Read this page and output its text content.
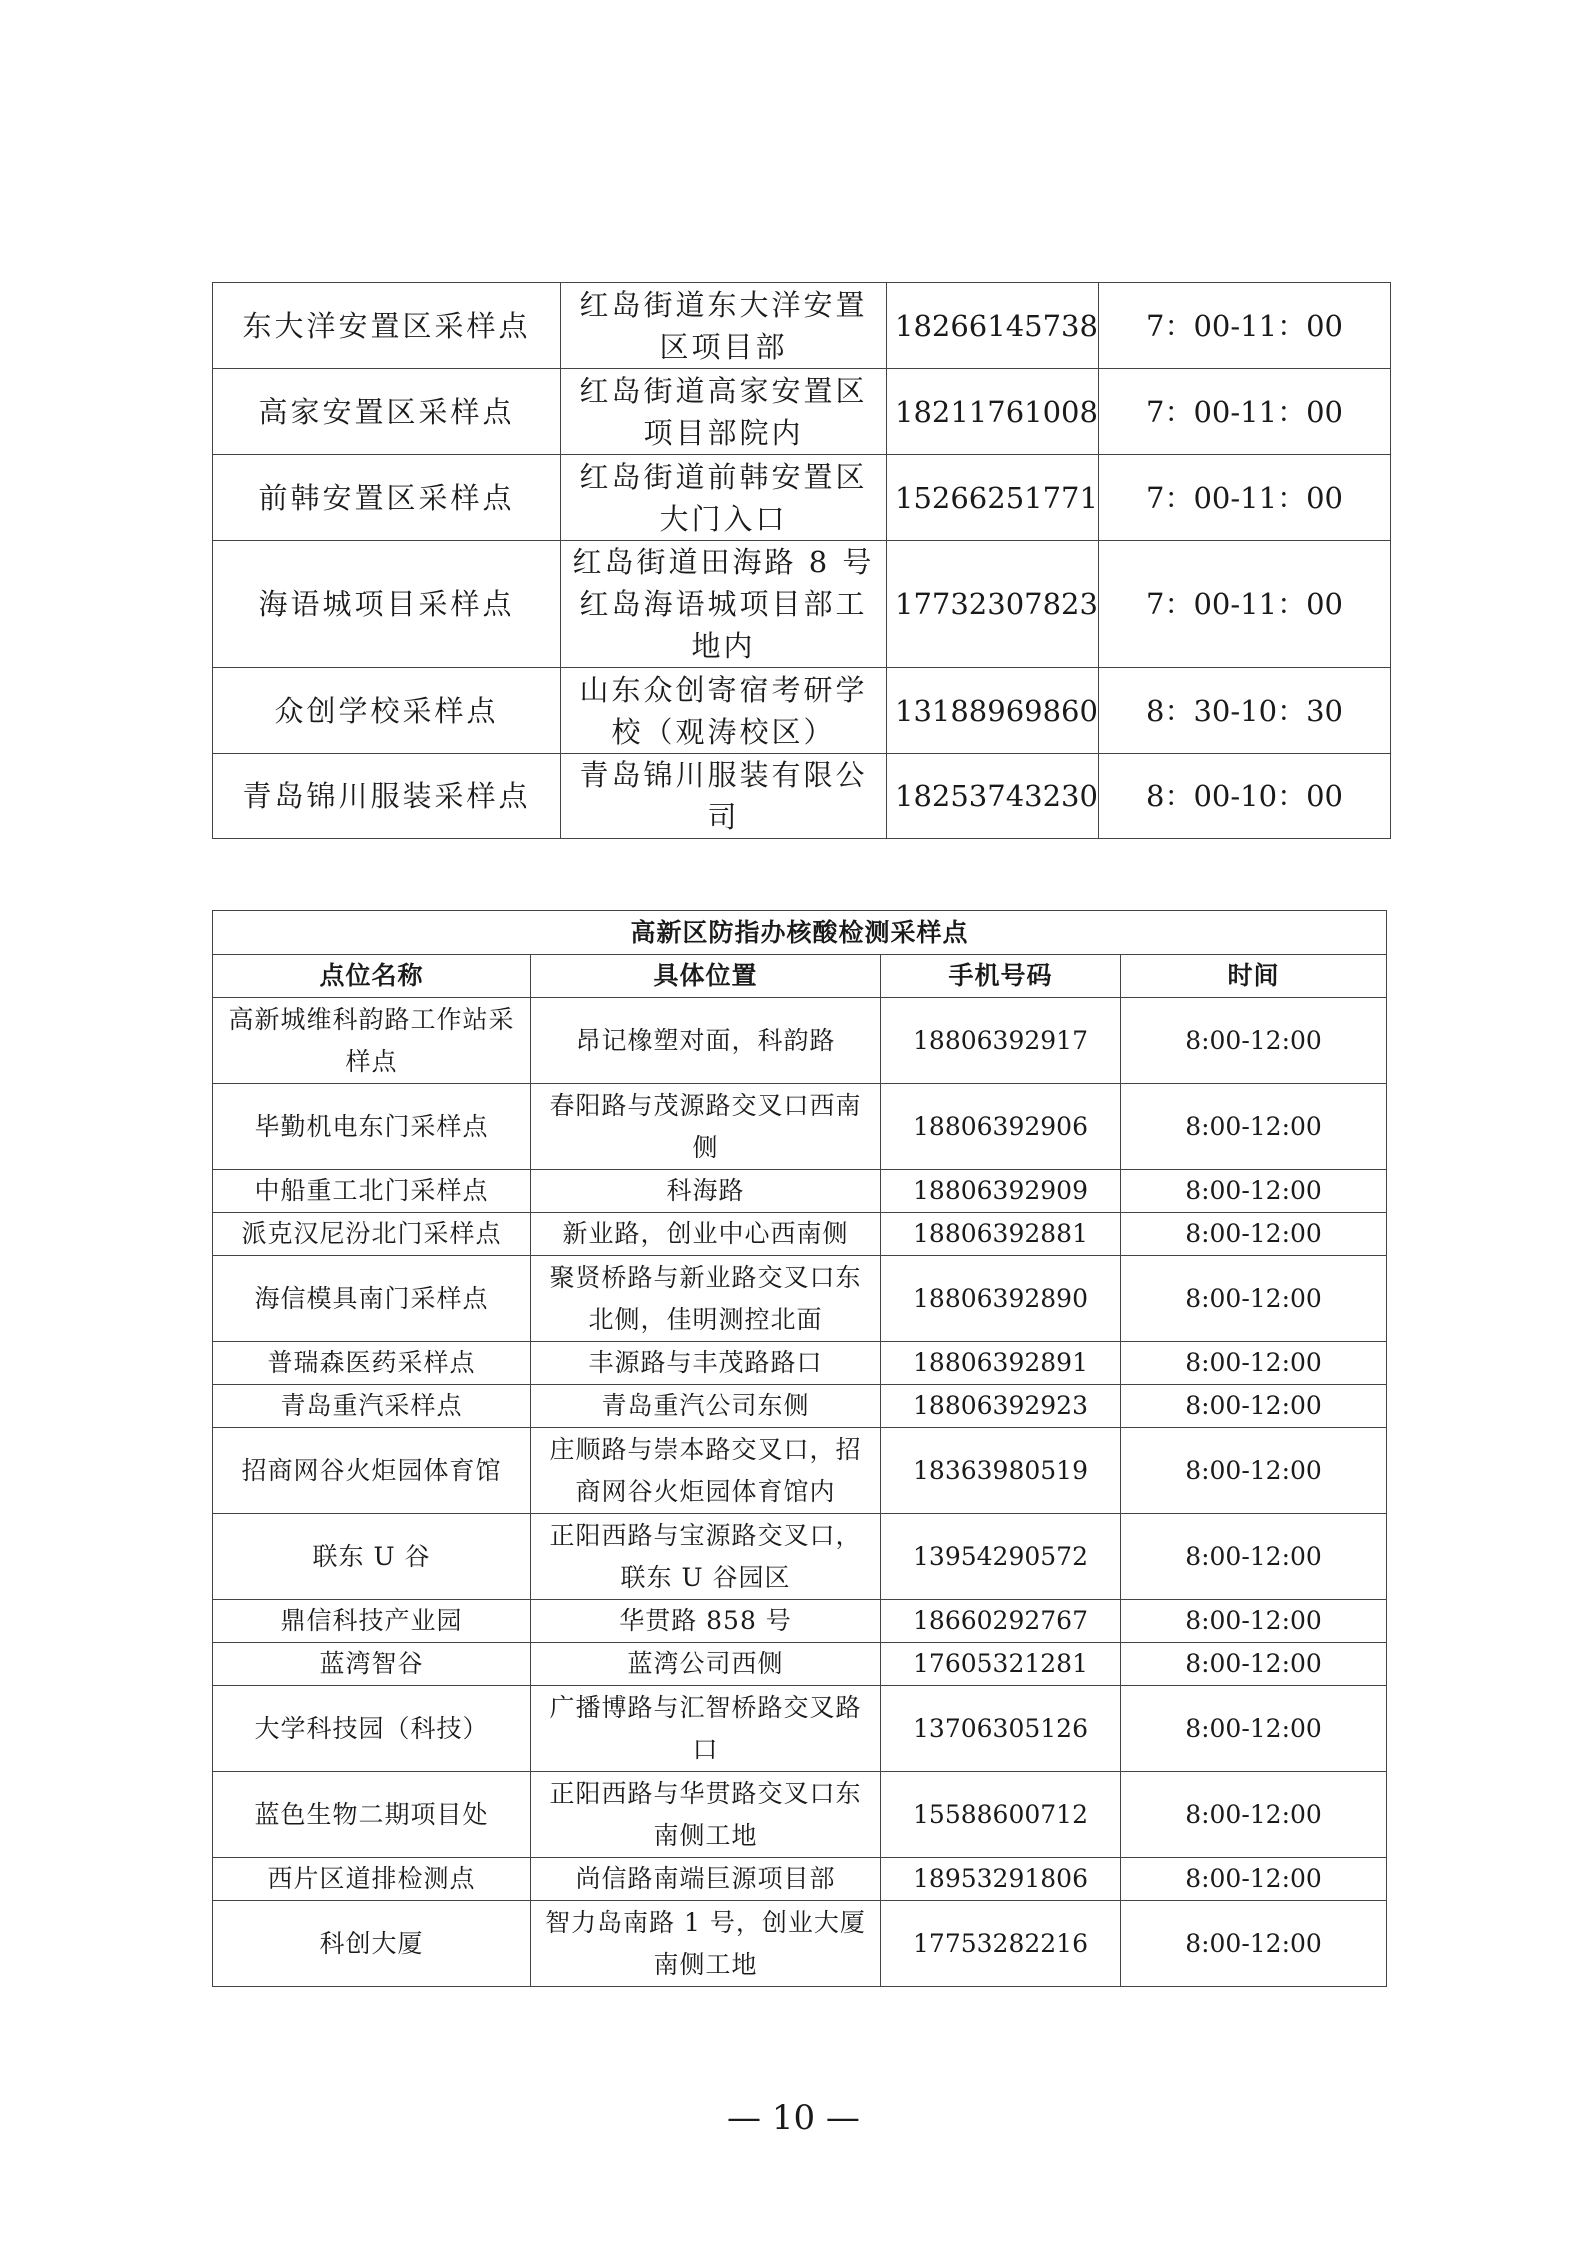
东大洋安置区采样点	红岛街道东大洋安置区项目部	18266145738	7：00-11：00
高家安置区采样点	红岛街道高家安置区项目部院内	18211761008	7：00-11：00
前韩安置区采样点	红岛街道前韩安置区大门入口	15266251771	7：00-11：00
海语城项目采样点	红岛街道田海路 8 号红岛海语城项目部工地内	17732307823	7：00-11：00
众创学校采样点	山东众创寄宿考研学校（观涛校区）	13188969860	8：30-10：30
青岛锦川服装采样点	青岛锦川服装有限公司	18253743230	8：00-10：00
高新区防指办核酸检测采样点			
点位名称	具体位置	手机号码	时间
高新城维科韵路工作站采样点	昂记橡塑对面，科韵路	18806392917	8:00-12:00
毕勤机电东门采样点	春阳路与茂源路交叉口西南侧	18806392906	8:00-12:00
中船重工北门采样点	科海路	18806392909	8:00-12:00
派克汉尼汾北门采样点	新业路，创业中心西南侧	18806392881	8:00-12:00
海信模具南门采样点	聚贤桥路与新业路交叉口东北侧，佳明测控北面	18806392890	8:00-12:00
普瑞森医药采样点	丰源路与丰茂路路口	18806392891	8:00-12:00
青岛重汽采样点	青岛重汽公司东侧	18806392923	8:00-12:00
招商网谷火炬园体育馆	庄顺路与崇本路交叉口，招商网谷火炬园体育馆内	18363980519	8:00-12:00
联东 U 谷	正阳西路与宝源路交叉口，联东 U 谷园区	13954290572	8:00-12:00
鼎信科技产业园	华贯路 858 号	18660292767	8:00-12:00
蓝湾智谷	蓝湾公司西侧	17605321281	8:00-12:00
大学科技园（科技）	广播博路与汇智桥路交叉路口	13706305126	8:00-12:00
蓝色生物二期项目处	正阳西路与华贯路交叉口东南侧工地	15588600712	8:00-12:00
西片区道排检测点	尚信路南端巨源项目部	18953291806	8:00-12:00
科创大厦	智力岛南路 1 号，创业大厦南侧工地	17753282216	8:00-12:00
— 10 —
